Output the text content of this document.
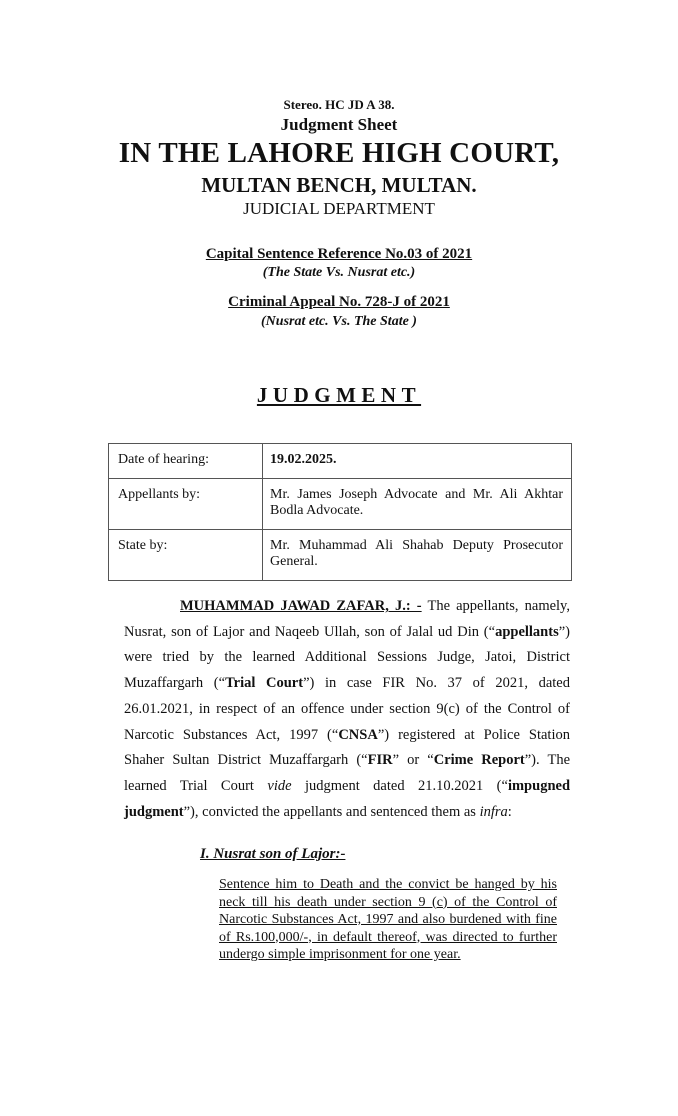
Stereo. HC JD A 38.
Judgment Sheet
IN THE LAHORE HIGH COURT,
MULTAN BENCH, MULTAN.
JUDICIAL DEPARTMENT
Capital Sentence Reference No.03 of 2021
(The State Vs. Nusrat etc.)
Criminal Appeal No. 728-J of 2021
(Nusrat etc. Vs. The State )
JUDGMENT
Date of hearing:	19.02.2025.
Appellants by:	Mr. James Joseph Advocate and Mr. Ali Akhtar Bodla Advocate.
State by:	Mr. Muhammad Ali Shahab Deputy Prosecutor General.

MUHAMMAD JAWAD ZAFAR, J.: - The appellants, namely, Nusrat, son of Lajor and Naqeeb Ullah, son of Jalal ud Din (“appellants”) were tried by the learned Additional Sessions Judge, Jatoi, District Muzaffargarh (“Trial Court”) in case FIR No. 37 of 2021, dated 26.01.2021, in respect of an offence under section 9(c) of the Control of Narcotic Substances Act, 1997 (“CNSA”) registered at Police Station Shaher Sultan District Muzaffargarh (“FIR” or “Crime Report”). The learned Trial Court vide judgment dated 21.10.2021 (“impugned judgment”), convicted the appellants and sentenced them as infra:

I. Nusrat son of Lajor:-

Sentence him to Death and the convict be hanged by his neck till his death under section 9 (c) of the Control of Narcotic Substances Act, 1997 and also burdened with fine of Rs.100,000/-, in default thereof, was directed to further undergo simple imprisonment for one year.
